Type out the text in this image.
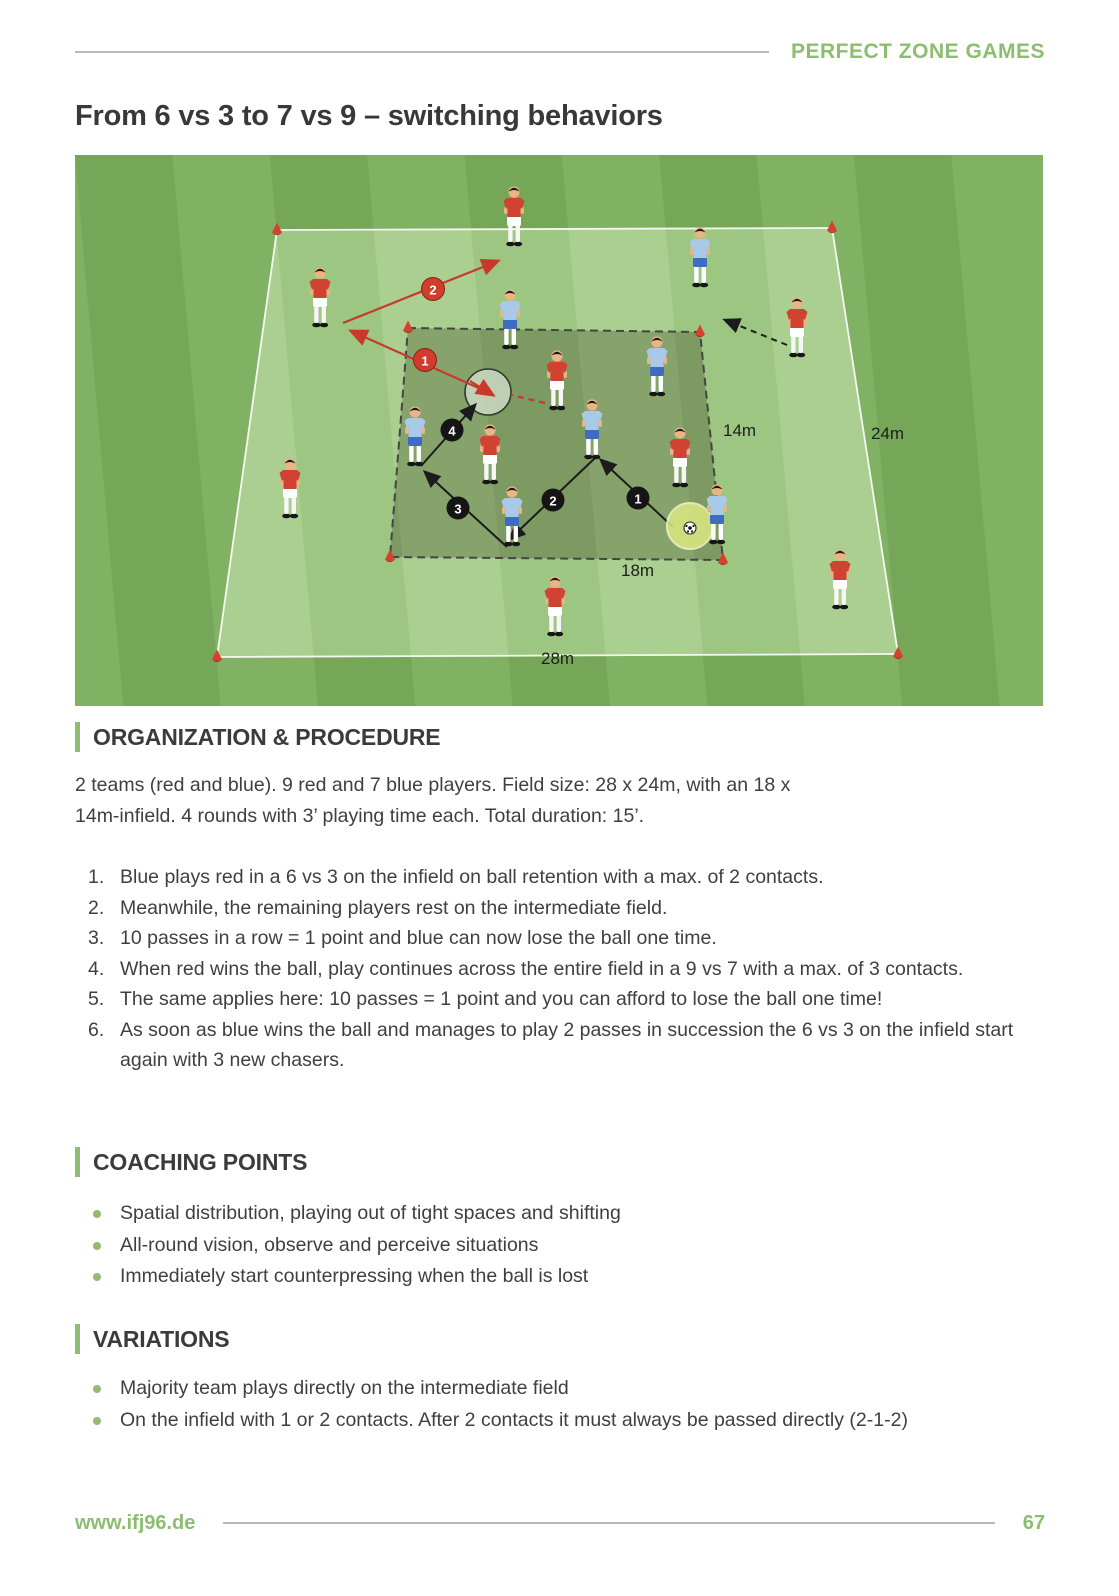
PERFECT ZONE GAMES
From 6 vs 3 to 7 vs 9 – switching behaviors
1
2
3
4
1
2
14m	24m
18m
28m
ORGANIZATION & PROCEDURE
2 teams (red and blue). 9 red and 7 blue players. Field size: 28 x 24m, with an 18 x
14m-infield. 4 rounds with 3’ playing time each. Total duration: 15’.
1. Blue plays red in a 6 vs 3 on the infield on ball retention with a max. of 2 contacts.
2. Meanwhile, the remaining players rest on the intermediate field.
3. 10 passes in a row = 1 point and blue can now lose the ball one time.
4. When red wins the ball, play continues across the entire field in a 9 vs 7 with a max. of 3 contacts.
5. The same applies here: 10 passes = 1 point and you can afford to lose the ball one time!
6. As soon as blue wins the ball and manages to play 2 passes in succession the 6 vs 3 on the infield start again with 3 new chasers.
COACHING POINTS
Spatial distribution, playing out of tight spaces and shifting
All-round vision, observe and perceive situations
Immediately start counterpressing when the ball is lost
VARIATIONS
Majority team plays directly on the intermediate field
On the infield with 1 or 2 contacts. After 2 contacts it must always be passed directly (2-1-2)
www.ifj96.de	67
